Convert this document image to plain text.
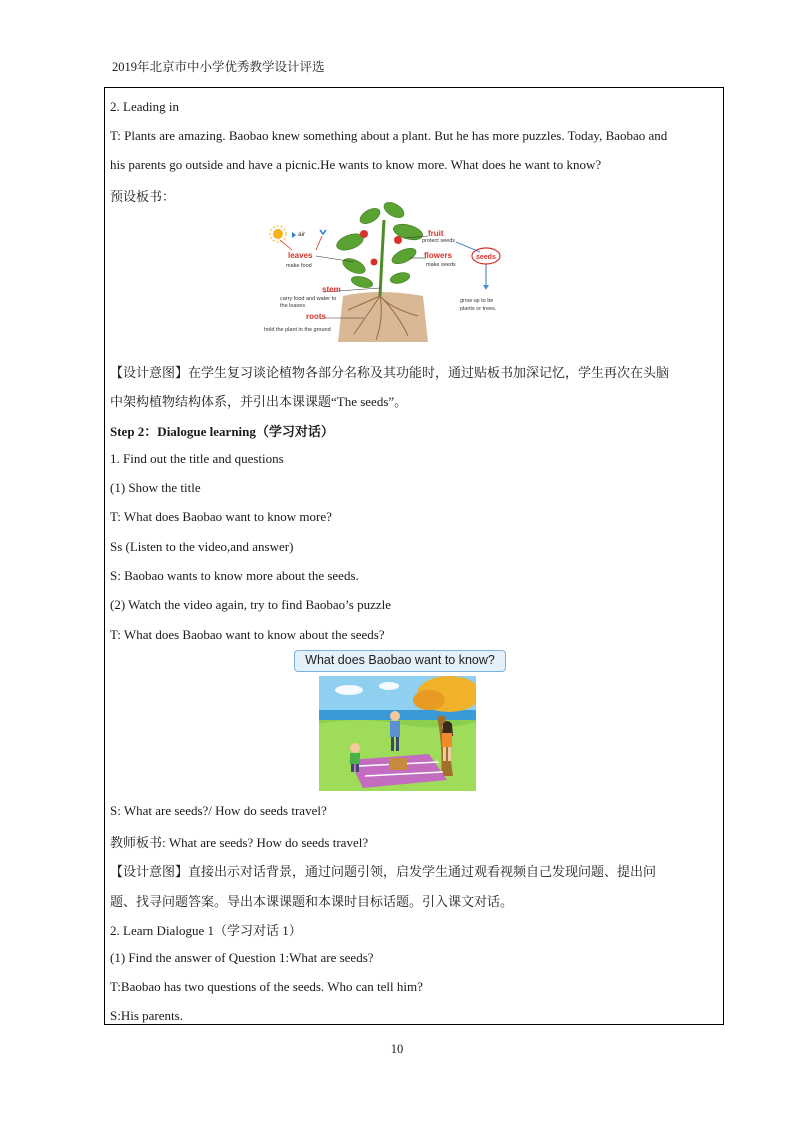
2019年北京市中小学优秀教学设计评选
2. Leading in
T: Plants are amazing. Baobao knew something about a plant. But he has more puzzles. Today, Baobao and
his parents go outside and have a picnic.He wants to know more. What does he want to know?
预设板书：
air
leaves
make food
stem
carry food and water to
the leaves
roots
hold the plant in the ground
fruit
protect seeds
flowers
make seeds
seeds
grow up to be
plants or trees.
【设计意图】在学生复习谈论植物各部分名称及其功能时，通过贴板书加深记忆，学生再次在头脑
中架构植物结构体系，并引出本课课题“The seeds”。
Step 2：Dialogue learning（学习对话）
1. Find out the title and questions
(1) Show the title
T: What does Baobao want to know more?
Ss (Listen to the video,and answer)
S: Baobao wants to know more about the seeds.
(2) Watch the video again, try to find Baobao’s puzzle
T: What does Baobao want to know about the seeds?
What does Baobao want to know?
S: What are seeds?/ How do seeds travel?
教师板书: What are seeds? How do seeds travel?
【设计意图】直接出示对话背景，通过问题引领，启发学生通过观看视频自己发现问题、提出问
题、找寻问题答案。导出本课课题和本课时目标话题。引入课文对话。
2. Learn Dialogue 1（学习对话 1）
(1) Find the answer of Question 1:What are seeds?
T:Baobao has two questions of the seeds. Who can tell him?
S:His parents.
10
